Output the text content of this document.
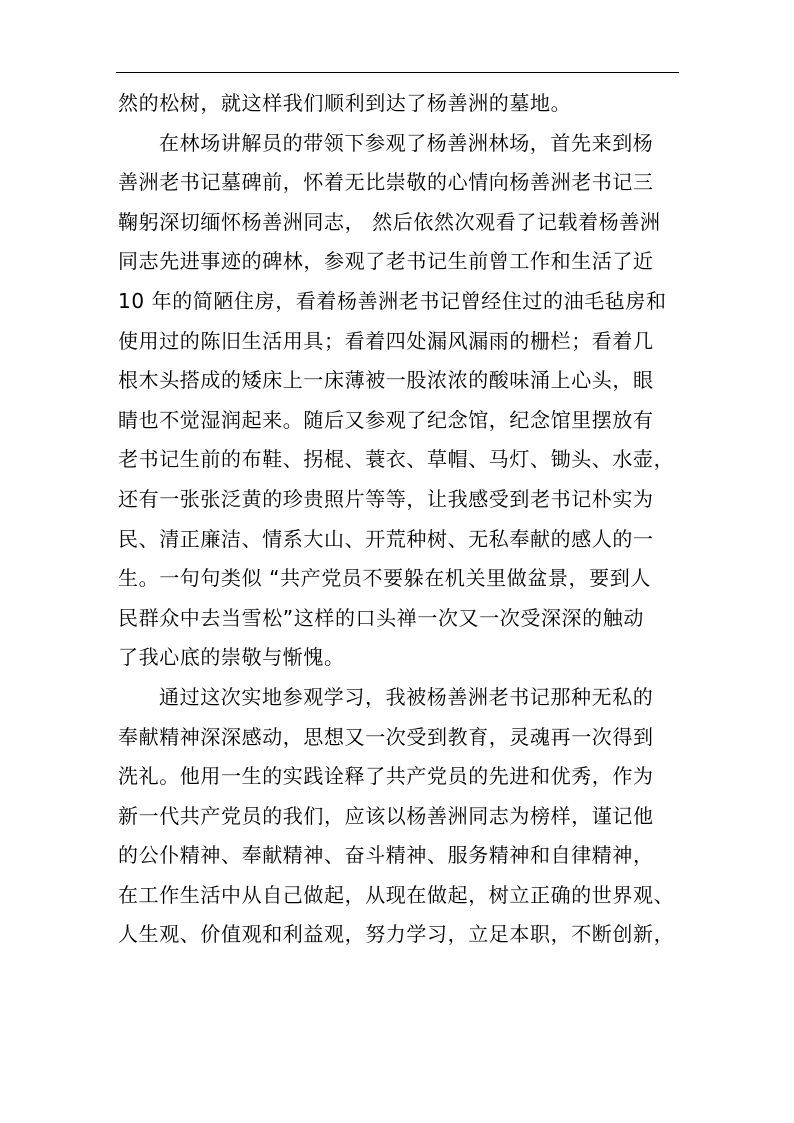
然的松树，就这样我们顺利到达了杨善洲的墓地。
在林场讲解员的带领下参观了杨善洲林场，首先来到杨
善洲老书记墓碑前，怀着无比崇敬的心情向杨善洲老书记三
鞠躬深切缅怀杨善洲同志， 然后依然次观看了记载着杨善洲
同志先进事迹的碑林，参观了老书记生前曾工作和生活了近
10 年的简陋住房，看着杨善洲老书记曾经住过的油毛毡房和
使用过的陈旧生活用具；看着四处漏风漏雨的栅栏；看着几
根木头搭成的矮床上一床薄被一股浓浓的酸味涌上心头，眼
睛也不觉湿润起来。随后又参观了纪念馆，纪念馆里摆放有
老书记生前的布鞋、拐棍、蓑衣、草帽、马灯、锄头、水壶，
还有一张张泛黄的珍贵照片等等，让我感受到老书记朴实为
民、清正廉洁、情系大山、开荒种树、无私奉献的感人的一
生。一句句类似 “共产党员不要躲在机关里做盆景，要到人
民群众中去当雪松”这样的口头禅一次又一次受深深的触动
了我心底的崇敬与惭愧。
通过这次实地参观学习，我被杨善洲老书记那种无私的
奉献精神深深感动，思想又一次受到教育，灵魂再一次得到
洗礼。他用一生的实践诠释了共产党员的先进和优秀，作为
新一代共产党员的我们，应该以杨善洲同志为榜样，谨记他
的公仆精神、奉献精神、奋斗精神、服务精神和自律精神，
在工作生活中从自己做起，从现在做起，树立正确的世界观、
人生观、价值观和利益观，努力学习，立足本职，不断创新，
